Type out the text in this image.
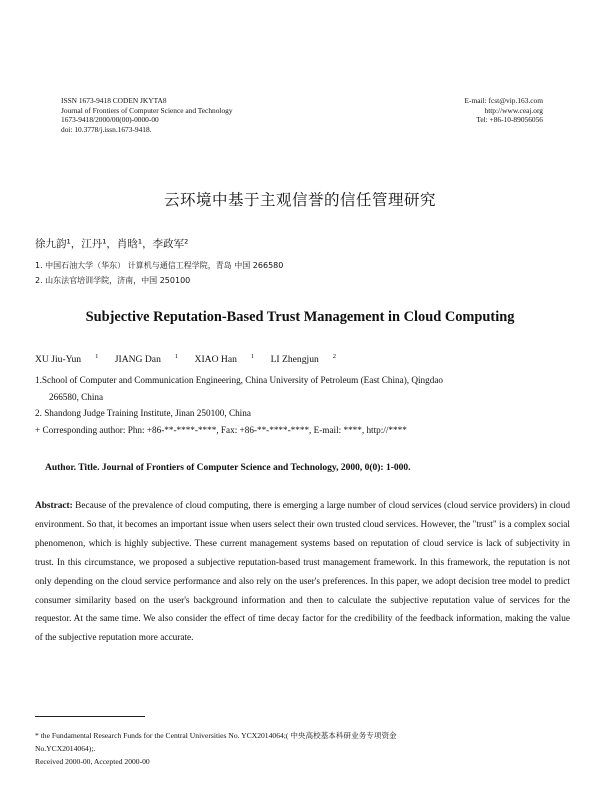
ISSN 1673-9418 CODEN JKYTA8
Journal of Frontiers of Computer Science and Technology
1673-9418/2000/00(00)-0000-00
doi: 10.3778/j.issn.1673-9418.
E-mail: fcst@vip.163.com
http://www.ceaj.org
Tel: +86-10-89056056
云环境中基于主观信誉的信任管理研究
徐九韵¹，江丹¹，肖晗¹，李政军²
1. 中国石油大学（华东） 计算机与通信工程学院，青岛 中国 266580
2. 山东法官培训学院，济南，中国 250100
Subjective Reputation-Based Trust Management in Cloud Computing
XU Jiu-Yun $^1$ JIANG Dan $^1$ XIAO Han $^1$ LI Zhengjun $^2$
1.School of Computer and Communication Engineering, China University of Petroleum (East China), Qingdao
266580, China
2. Shandong Judge Training Institute, Jinan 250100, China
+ Corresponding author: Phn: +86-**-****-****, Fax: +86-**-****-****, E-mail: ****, http://****
Author. Title. Journal of Frontiers of Computer Science and Technology, 2000, 0(0): 1-000.
Abstract: Because of the prevalence of cloud computing, there is emerging a large number of cloud services (cloud service providers) in cloud environment. So that, it becomes an important issue when users select their own trusted cloud services. However, the "trust" is a complex social phenomenon, which is highly subjective. These current management systems based on reputation of cloud service is lack of subjectivity in trust. In this circumstance, we proposed a subjective reputation-based trust management framework. In this framework, the reputation is not only depending on the cloud service performance and also rely on the user's preferences. In this paper, we adopt decision tree model to predict consumer similarity based on the user's background information and then to calculate the subjective reputation value of services for the requestor. At the same time. We also consider the effect of time decay factor for the credibility of the feedback information, making the value of the subjective reputation more accurate.
* the Fundamental Research Funds for the Central Universities No. YCX2014064;( 中央高校基本科研业务专项资金
No.YCX2014064);.
Received 2000-00, Accepted 2000-00
